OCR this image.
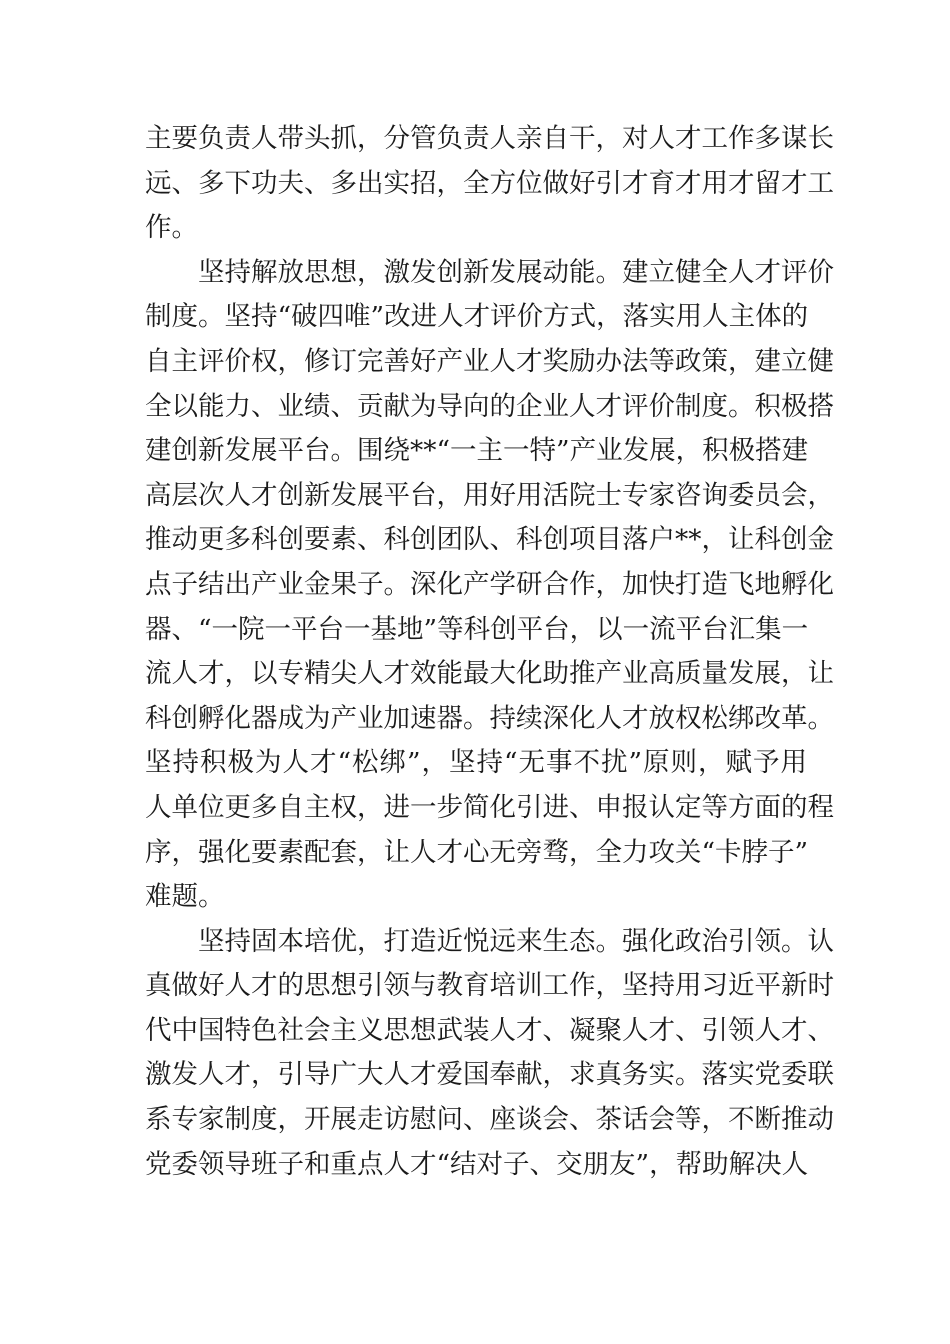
主要负责人带头抓，分管负责人亲自干，对人才工作多谋长
远、多下功夫、多出实招，全方位做好引才育才用才留才工
作。
坚持解放思想，激发创新发展动能。建立健全人才评价
制度。坚持“破四唯”改进人才评价方式，落实用人主体的
自主评价权，修订完善好产业人才奖励办法等政策，建立健
全以能力、业绩、贡献为导向的企业人才评价制度。积极搭
建创新发展平台。围绕**“一主一特”产业发展，积极搭建
高层次人才创新发展平台，用好用活院士专家咨询委员会，
推动更多科创要素、科创团队、科创项目落户**，让科创金
点子结出产业金果子。深化产学研合作，加快打造飞地孵化
器、“一院一平台一基地”等科创平台，以一流平台汇集一
流人才，以专精尖人才效能最大化助推产业高质量发展，让
科创孵化器成为产业加速器。持续深化人才放权松绑改革。
坚持积极为人才“松绑”，坚持“无事不扰”原则，赋予用
人单位更多自主权，进一步简化引进、申报认定等方面的程
序，强化要素配套，让人才心无旁骛，全力攻关“卡脖子”
难题。
坚持固本培优，打造近悦远来生态。强化政治引领。认
真做好人才的思想引领与教育培训工作，坚持用习近平新时
代中国特色社会主义思想武装人才、凝聚人才、引领人才、
激发人才，引导广大人才爱国奉献，求真务实。落实党委联
系专家制度，开展走访慰问、座谈会、茶话会等，不断推动
党委领导班子和重点人才“结对子、交朋友”，帮助解决人
